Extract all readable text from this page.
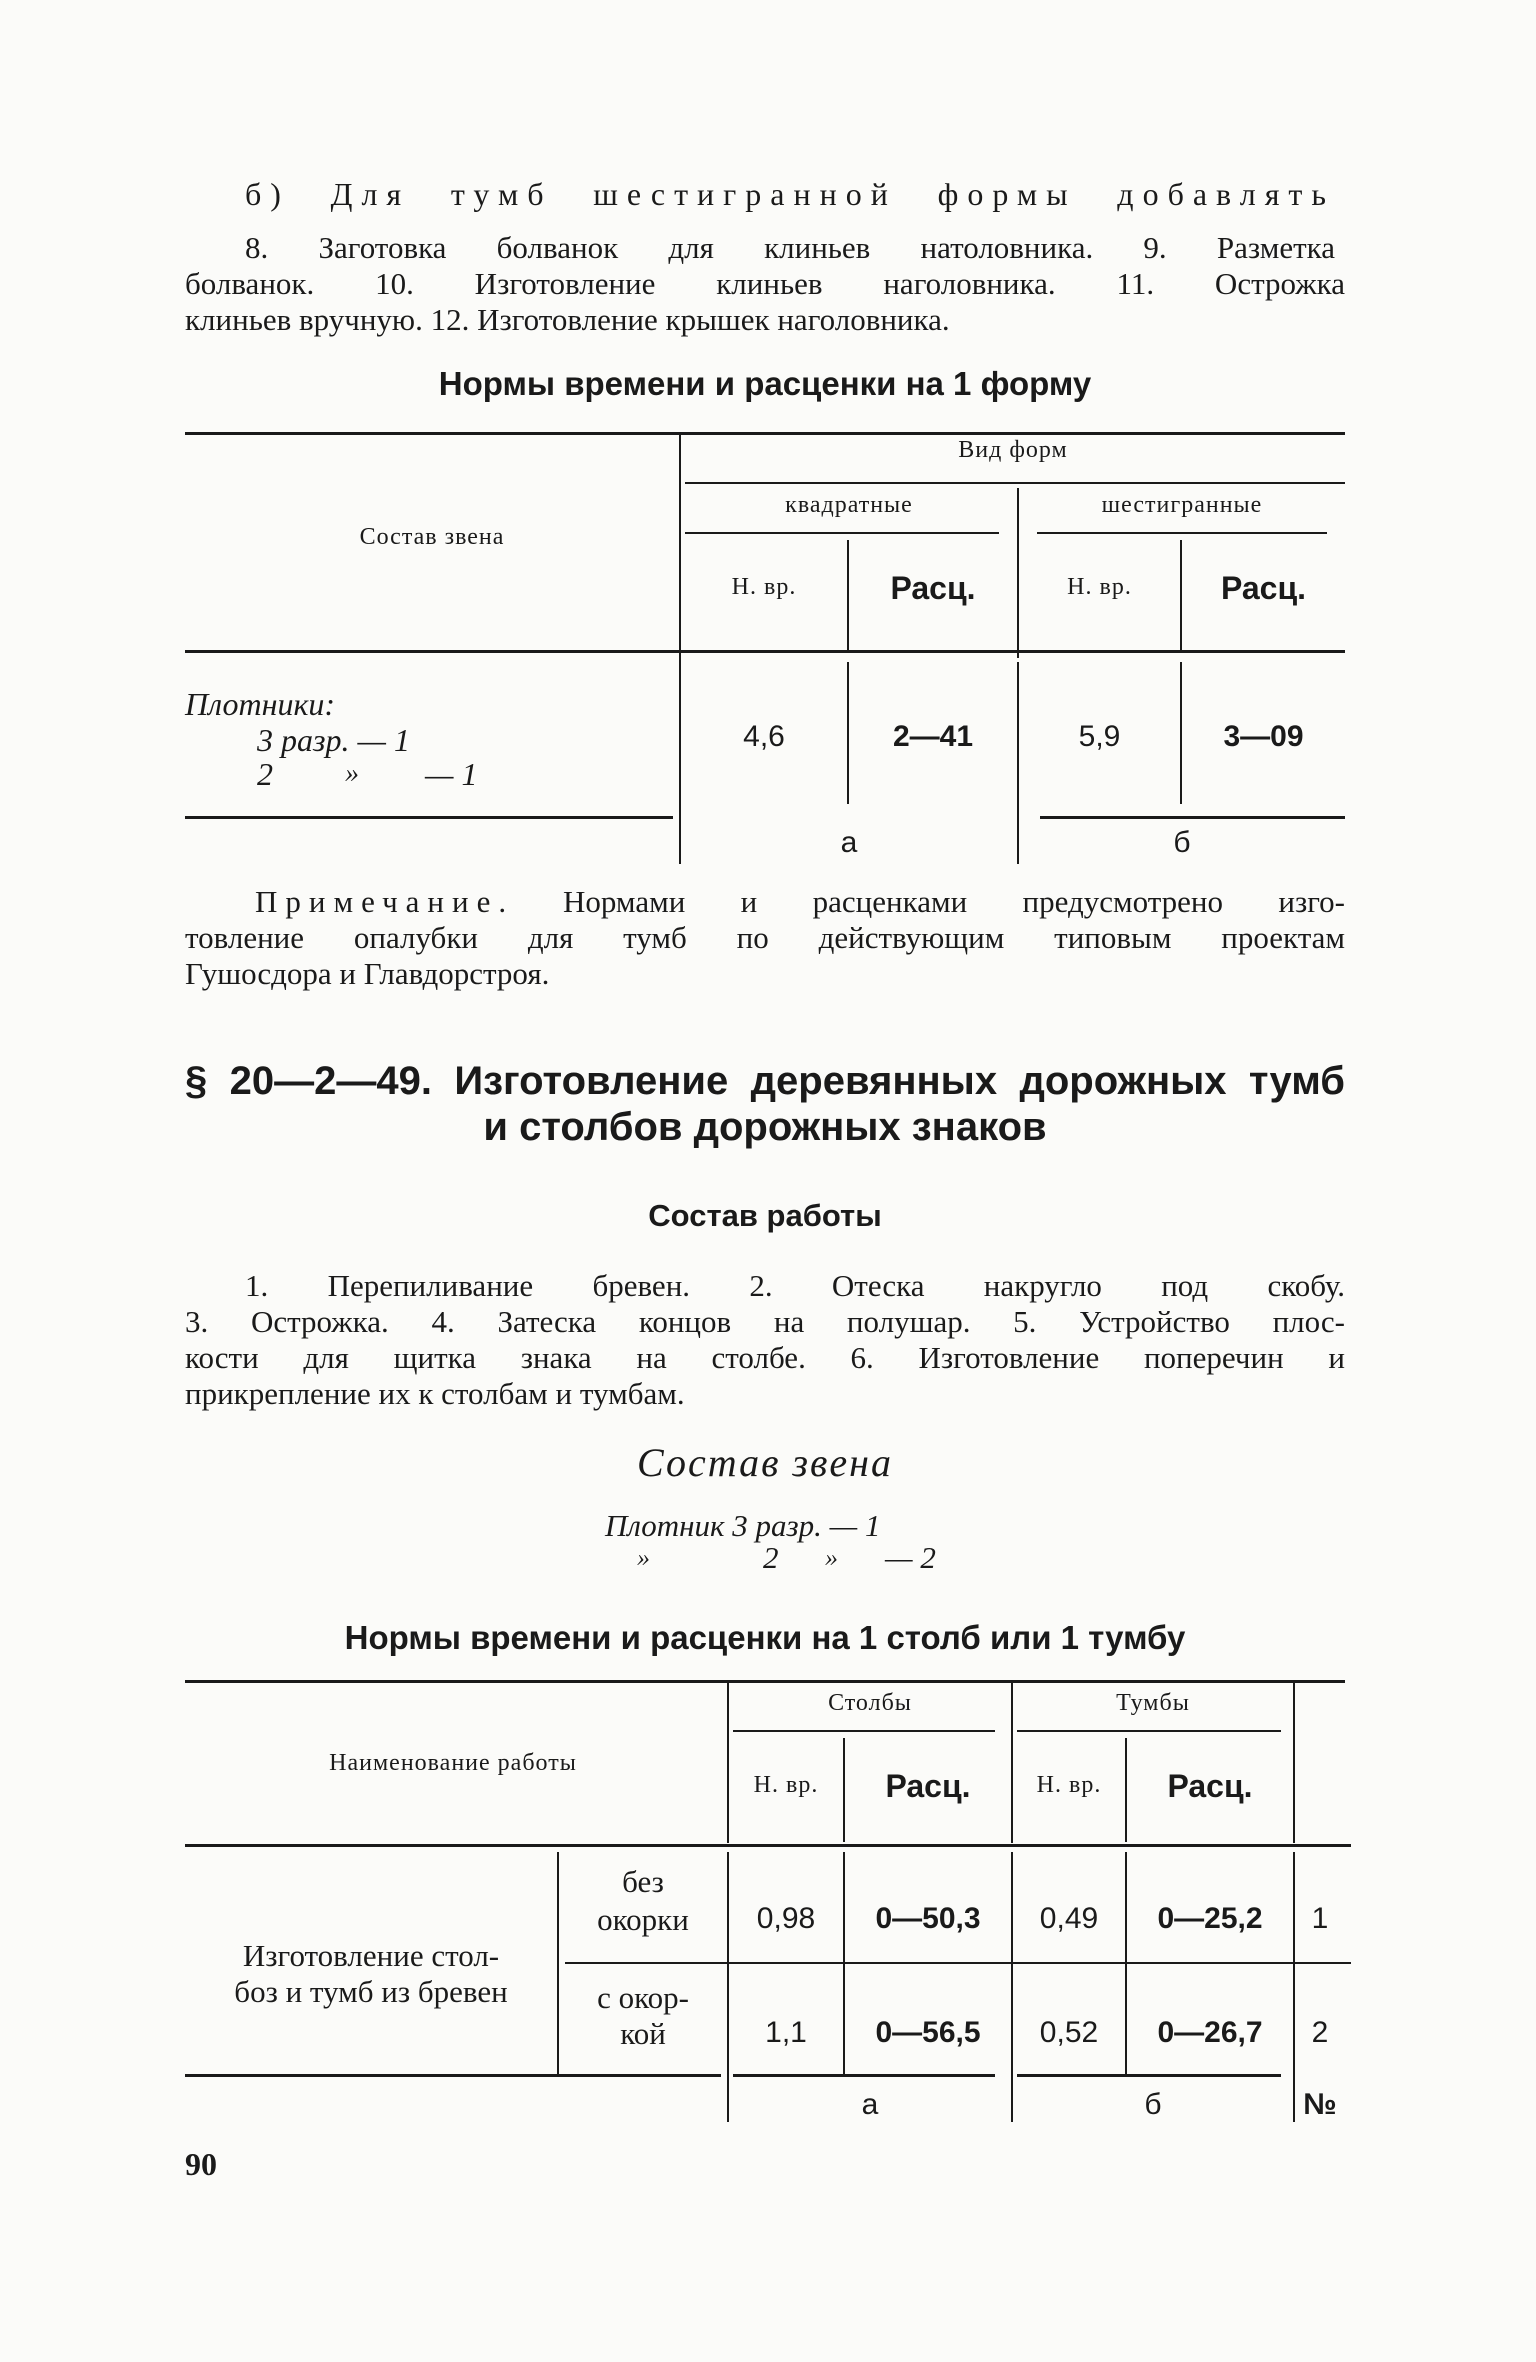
б) Для тумб шестигранной формы добавлять
8. Заготовка болванок для клиньев натоловника. 9. Разметка
болванок. 10. Изготовление клиньев наголовника. 11. Острожка
клиньев вручную. 12. Изготовление крышек наголовника.
Нормы времени и расценки на 1 форму
Состав звена
Вид форм
квадратные	шестигранные
Н. вр.	Расц.	Н. вр.	Расц.
Плотники:
3 разр. — 1
2	»	— 1
4,6	2—41	5,9	3—09
а	б
Примечание.	Нормами и расценками предусмотрено изго-
товление опалубки для тумб по действующим типовым проектам
Гушосдора и Главдорстроя.
§ 20—2—49. Изготовление деревянных дорожных тумб
и столбов дорожных знаков
Состав работы
1. Перепиливание бревен. 2. Отеска накругло под скобу.
3. Острожка. 4. Затеска концов на полушар. 5. Устройство плос-
кости для щитка знака на столбе. 6. Изготовление поперечин и
прикрепление их к столбам и тумбам.
Состав звена
Плотник 3 разр. — 1
»	2	»	— 2
Нормы времени и расценки на 1 столб или 1 тумбу
Наименование работы
Столбы	Тумбы
Н. вр.	Расц.	Н. вр.	Расц.
Изготовление стол-
боз и тумб из бревен
без
окорки	0,98	0—50,3	0,49	0—25,2	1
с окор-
кой	1,1	0—56,5	0,52	0—26,7	2
а	б	№
90
